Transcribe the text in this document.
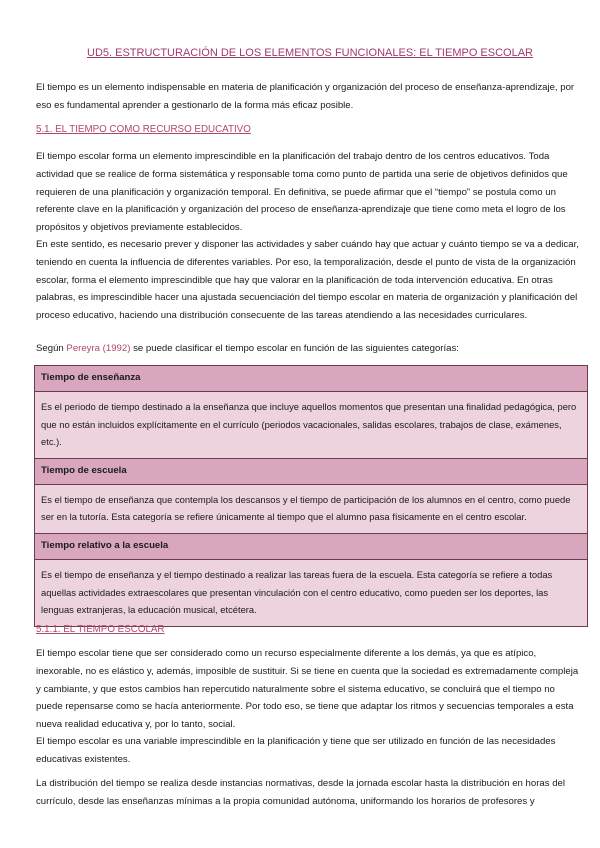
UD5. ESTRUCTURACIÓN DE LOS ELEMENTOS FUNCIONALES: EL TIEMPO ESCOLAR

El tiempo es un elemento indispensable en materia de planificación y organización del proceso de enseñanza-aprendizaje, por eso es fundamental aprender a gestionarlo de la forma más eficaz posible.

5.1. EL TIEMPO COMO RECURSO EDUCATIVO

El tiempo escolar forma un elemento imprescindible en la planificación del trabajo dentro de los centros educativos. Toda actividad que se realice de forma sistemática y responsable toma como punto de partida una serie de objetivos definidos que requieren de una planificación y organización temporal. En definitiva, se puede afirmar que el “tiempo” se postula como un referente clave en la planificación y organización del proceso de enseñanza-aprendizaje que tiene como meta el logro de los propósitos y objetivos previamente establecidos.

En este sentido, es necesario prever y disponer las actividades y saber cuándo hay que actuar y cuánto tiempo se va a dedicar, teniendo en cuenta la influencia de diferentes variables. Por eso, la temporalización, desde el punto de vista de la organización escolar, forma el elemento imprescindible que hay que valorar en la planificación de toda intervención educativa. En otras palabras, es imprescindible hacer una ajustada secuenciación del tiempo escolar en materia de organización y planificación del proceso educativo, haciendo una distribución consecuente de las tareas atendiendo a las necesidades curriculares.

Según Pereyra (1992) se puede clasificar el tiempo escolar en función de las siguientes categorías:

Tiempo de enseñanza
Es el periodo de tiempo destinado a la enseñanza que incluye aquellos momentos que presentan una finalidad pedagógica, pero que no están incluidos explícitamente en el currículo (periodos vacacionales, salidas escolares, trabajos de clase, exámenes, etc.).
Tiempo de escuela
Es el tiempo de enseñanza que contempla los descansos y el tiempo de participación de los alumnos en el centro, como puede ser en la tutoría. Esta categoría se refiere únicamente al tiempo que el alumno pasa físicamente en el centro escolar.
Tiempo relativo a la escuela
Es el tiempo de enseñanza y el tiempo destinado a realizar las tareas fuera de la escuela. Esta categoría se refiere a todas aquellas actividades extraescolares que presentan vinculación con el centro educativo, como pueden ser los deportes, las lenguas extranjeras, la educación musical, etcétera.
5.1.1. EL TIEMPO ESCOLAR

El tiempo escolar tiene que ser considerado como un recurso especialmente diferente a los demás, ya que es atípico, inexorable, no es elástico y, además, imposible de sustituir. Si se tiene en cuenta que la sociedad es extremadamente compleja y cambiante, y que estos cambios han repercutido naturalmente sobre el sistema educativo, se concluirá que el tiempo no puede repensarse como se hacía anteriormente. Por todo eso, se tiene que adaptar los ritmos y secuencias temporales a esta nueva realidad educativa y, por lo tanto, social.

El tiempo escolar es una variable imprescindible en la planificación y tiene que ser utilizado en función de las necesidades educativas existentes.

La distribución del tiempo se realiza desde instancias normativas, desde la jornada escolar hasta la distribución en horas del currículo, desde las enseñanzas mínimas a la propia comunidad autónoma, uniformando los horarios de profesores y
